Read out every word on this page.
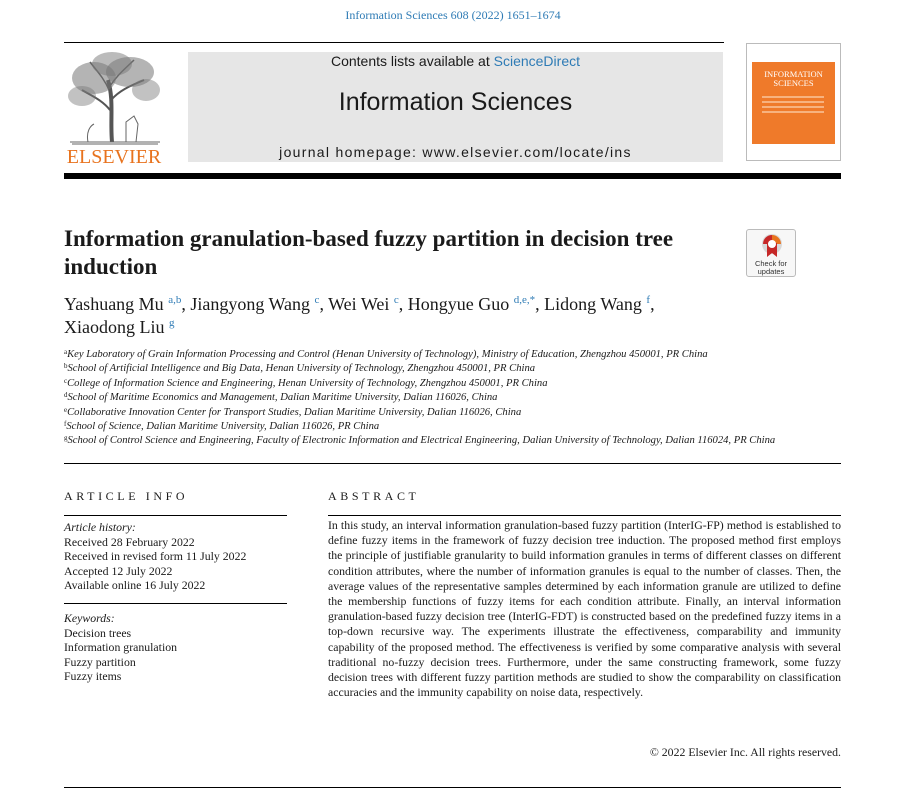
Information Sciences 608 (2022) 1651–1674
ELSEVIER
Contents lists available at ScienceDirect
Information Sciences
journal homepage: www.elsevier.com/locate/ins
INFORMATION SCIENCES
Information granulation-based fuzzy partition in decision tree induction	Check for updates
Yashuang Mu $^{a,b}$, Jiangyong Wang $^c$, Wei Wei $^c$, Hongyue Guo $^{d,e,*}$, Lidong Wang $^f$,
Xiaodong Liu $^g$
$^a$Key Laboratory of Grain Information Processing and Control (Henan University of Technology), Ministry of Education, Zhengzhou 450001, PR China
$^b$School of Artificial Intelligence and Big Data, Henan University of Technology, Zhengzhou 450001, PR China
$^c$College of Information Science and Engineering, Henan University of Technology, Zhengzhou 450001, PR China
$^d$School of Maritime Economics and Management, Dalian Maritime University, Dalian 116026, China
$^e$Collaborative Innovation Center for Transport Studies, Dalian Maritime University, Dalian 116026, China
$^f$School of Science, Dalian Maritime University, Dalian 116026, PR China
$^g$School of Control Science and Engineering, Faculty of Electronic Information and Electrical Engineering, Dalian University of Technology, Dalian 116024, PR China
ARTICLE INFO	ABSTRACT
Article history:
Received 28 February 2022
Received in revised form 11 July 2022
Accepted 12 July 2022
Available online 16 July 2022
Keywords:
Decision trees
Information granulation
Fuzzy partition
Fuzzy items

In this study, an interval information granulation-based fuzzy partition (InterIG-FP) method is established to define fuzzy items in the framework of fuzzy decision tree induction. The proposed method first employs the principle of justifiable granularity to build information granules in terms of different classes on different condition attributes, where the number of information granules is equal to the number of classes. Then, the average values of the representative samples determined by each information granule are utilized to define the membership functions of fuzzy items for each condition attribute. Finally, an interval information granulation-based fuzzy decision tree (InterIG-FDT) is constructed based on the predefined fuzzy items in a top-down recursive way. The experiments illustrate the effectiveness, comparability and immunity capability of the proposed method. The effectiveness is verified by some comparative analysis with several traditional no-fuzzy decision trees. Furthermore, under the same constructing framework, some fuzzy decision trees with different fuzzy partition methods are studied to show the comparability on classification accuracies and the immunity capability on noise data, respectively.

© 2022 Elsevier Inc. All rights reserved.
